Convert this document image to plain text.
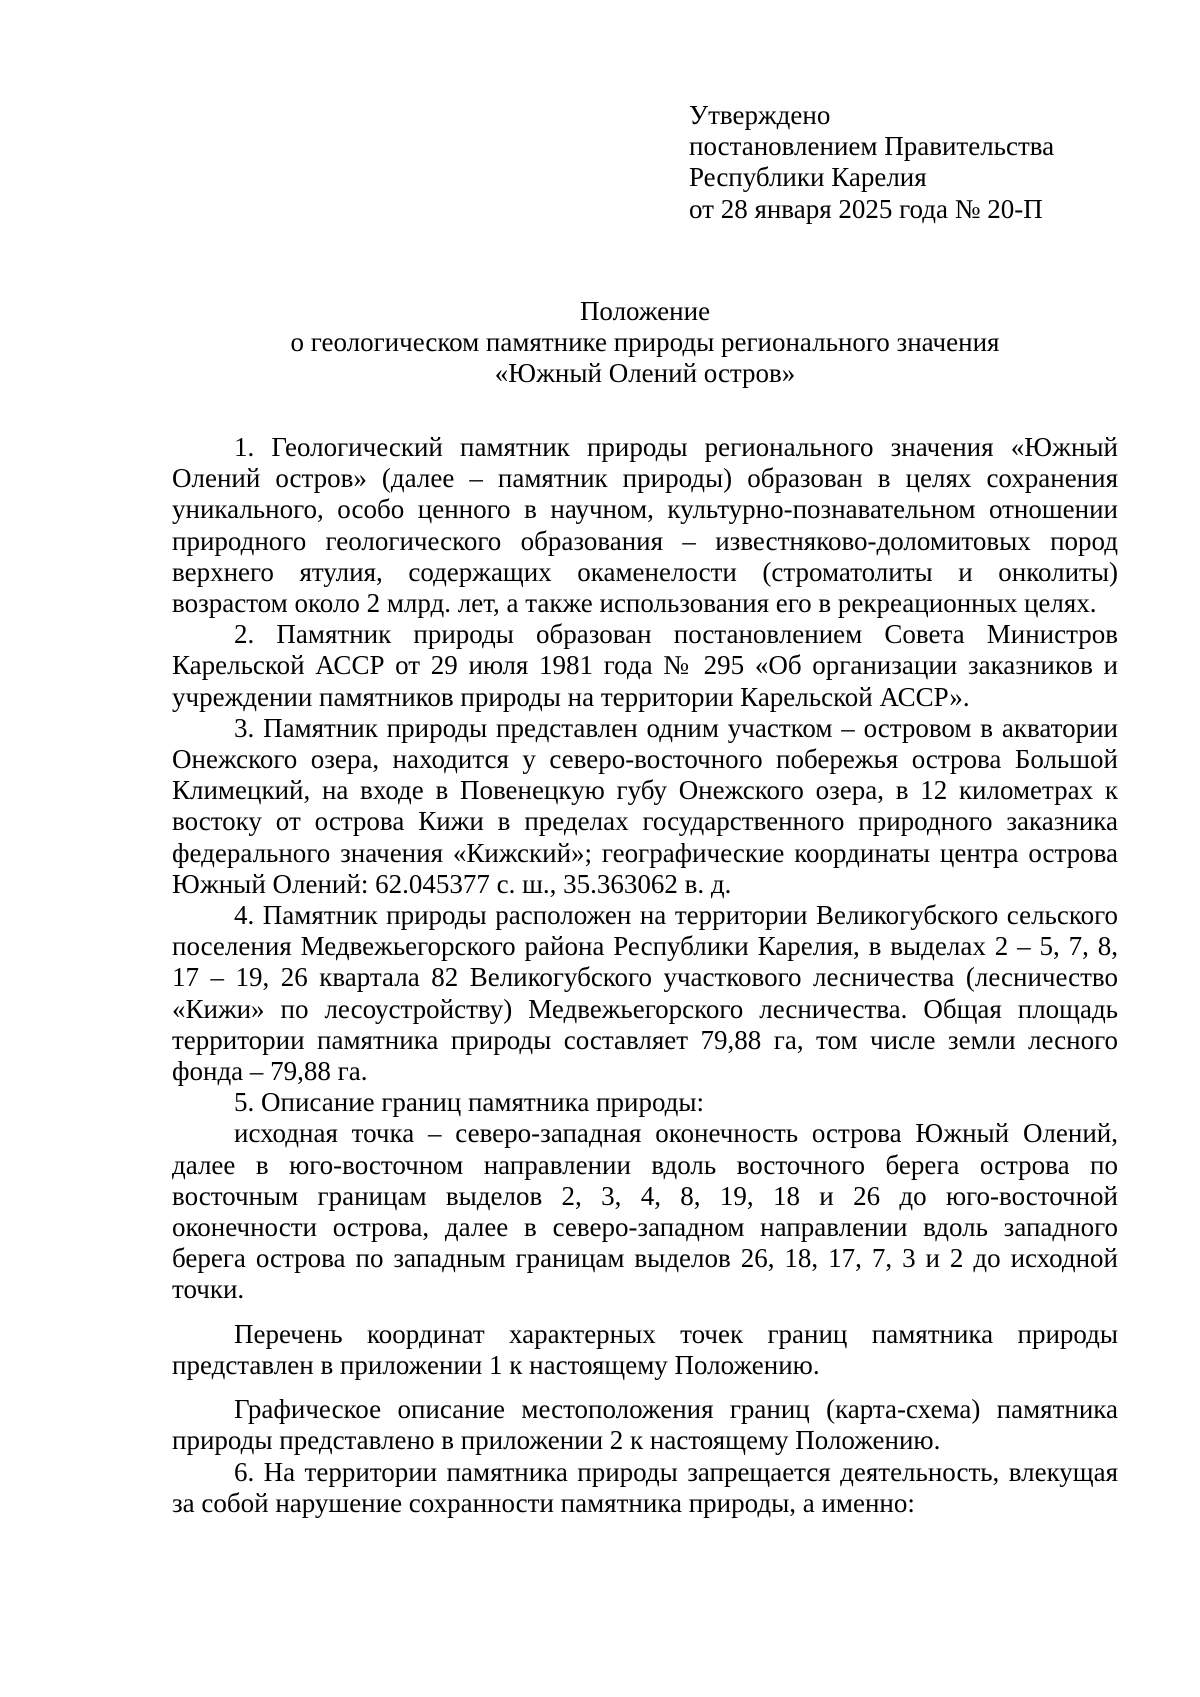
Утверждено
постановлением Правительства
Республики Карелия
от 28 января 2025 года № 20-П
Положение
о геологическом памятнике природы регионального значения
«Южный Олений остров»

1. Геологический памятник природы регионального значения «Южный Олений остров» (далее – памятник природы) образован в целях сохранения уникального, особо ценного в научном, культурно-познавательном отношении природного геологического образования – известняково-доломитовых пород верхнего ятулия, содержащих окаменелости (строматолиты и онколиты) возрастом около 2 млрд. лет, а также использования его в рекреационных целях.

2. Памятник природы образован постановлением Совета Министров Карельской АССР от 29 июля 1981 года № 295 «Об организации заказников и учреждении памятников природы на территории Карельской АССР».

3. Памятник природы представлен одним участком – островом в акватории Онежского озера, находится у северо-восточного побережья острова Большой Климецкий, на входе в Повенецкую губу Онежского озера, в 12 километрах к востоку от острова Кижи в пределах государственного природного заказника федерального значения «Кижский»; географические координаты центра острова Южный Олений: 62.045377 с. ш., 35.363062 в. д.

4. Памятник природы расположен на территории Великогубского сельского поселения Медвежьегорского района Республики Карелия, в выделах 2 – 5, 7, 8, 17 – 19, 26 квартала 82 Великогубского участкового лесничества (лесничество «Кижи» по лесоустройству) Медвежьегорского лесничества. Общая площадь территории памятника природы составляет 79,88 га, том числе земли лесного фонда – 79,88 га.

5. Описание границ памятника природы:

исходная точка – северо-западная оконечность острова Южный Олений, далее в юго-восточном направлении вдоль восточного берега острова по восточным границам выделов 2, 3, 4, 8, 19, 18 и 26 до юго-восточной оконечности острова, далее в северо-западном направлении вдоль западного берега острова по западным границам выделов 26, 18, 17, 7, 3 и 2 до исходной точки.

Перечень координат характерных точек границ памятника природы представлен в приложении 1 к настоящему Положению.

Графическое описание местоположения границ (карта-схема) памятника природы представлено в приложении 2 к настоящему Положению.

6. На территории памятника природы запрещается деятельность, влекущая за собой нарушение сохранности памятника природы, а именно:
